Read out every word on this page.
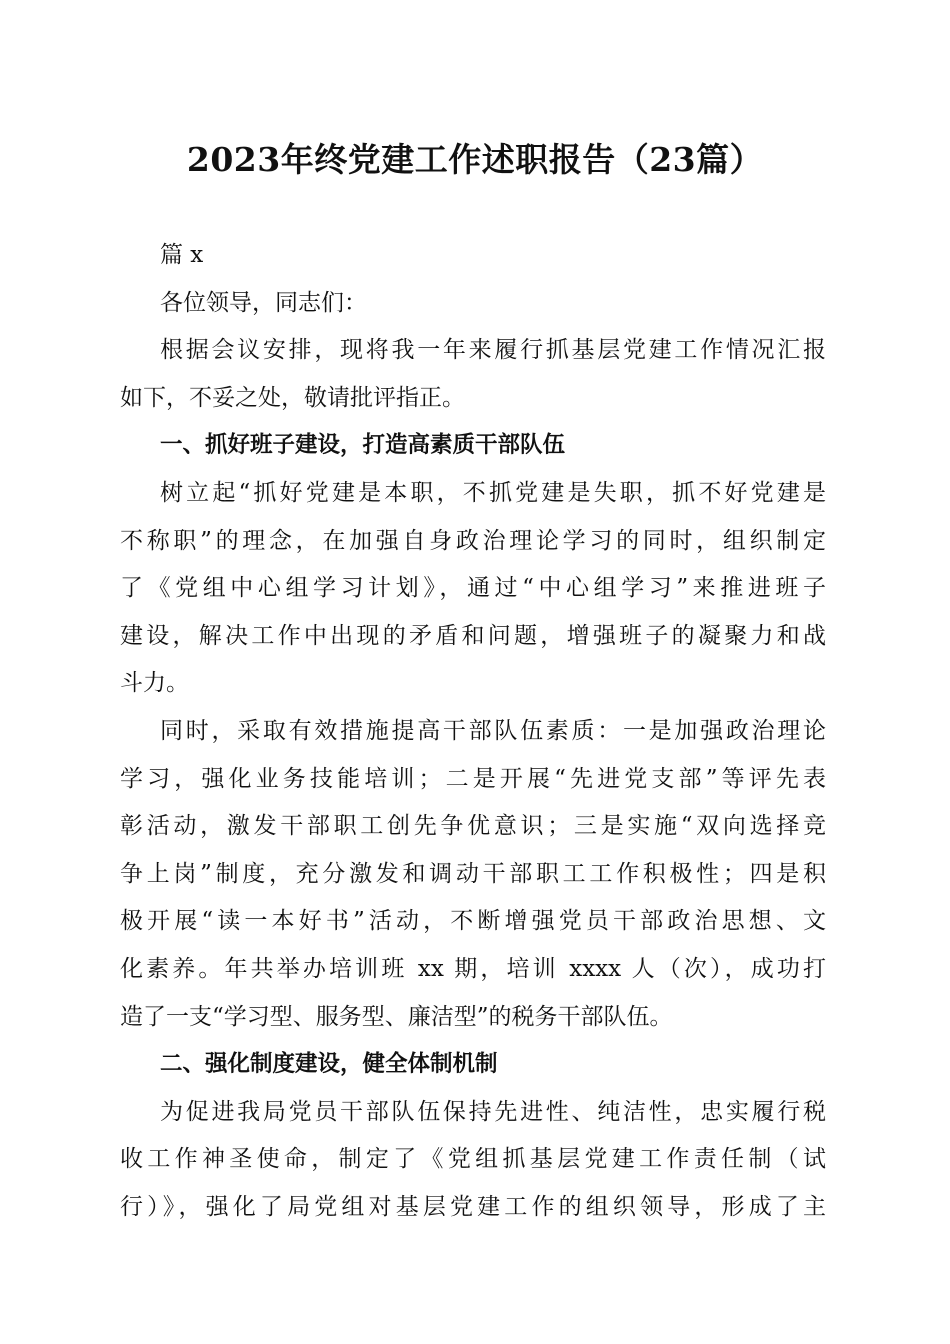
2023年终党建工作述职报告（23篇）
篇 x
各位领导，同志们：
根据会议安排，现将我一年来履行抓基层党建工作情况汇报
如下，不妥之处，敬请批评指正。
一、抓好班子建设，打造高素质干部队伍
树立起“抓好党建是本职，不抓党建是失职，抓不好党建是
不称职”的理念，在加强自身政治理论学习的同时，组织制定
了《党组中心组学习计划》，通过“中心组学习”来推进班子
建设，解决工作中出现的矛盾和问题，增强班子的凝聚力和战
斗力。
同时，采取有效措施提高干部队伍素质：一是加强政治理论
学习，强化业务技能培训；二是开展“先进党支部”等评先表
彰活动，激发干部职工创先争优意识；三是实施“双向选择竞
争上岗”制度，充分激发和调动干部职工工作积极性；四是积
极开展“读一本好书”活动，不断增强党员干部政治思想、文
化素养。年共举办培训班 xx 期，培训 xxxx 人（次），成功打
造了一支“学习型、服务型、廉洁型”的税务干部队伍。
二、强化制度建设，健全体制机制
为促进我局党员干部队伍保持先进性、纯洁性，忠实履行税
收工作神圣使命，制定了《党组抓基层党建工作责任制（试
行）》，强化了局党组对基层党建工作的组织领导，形成了主
